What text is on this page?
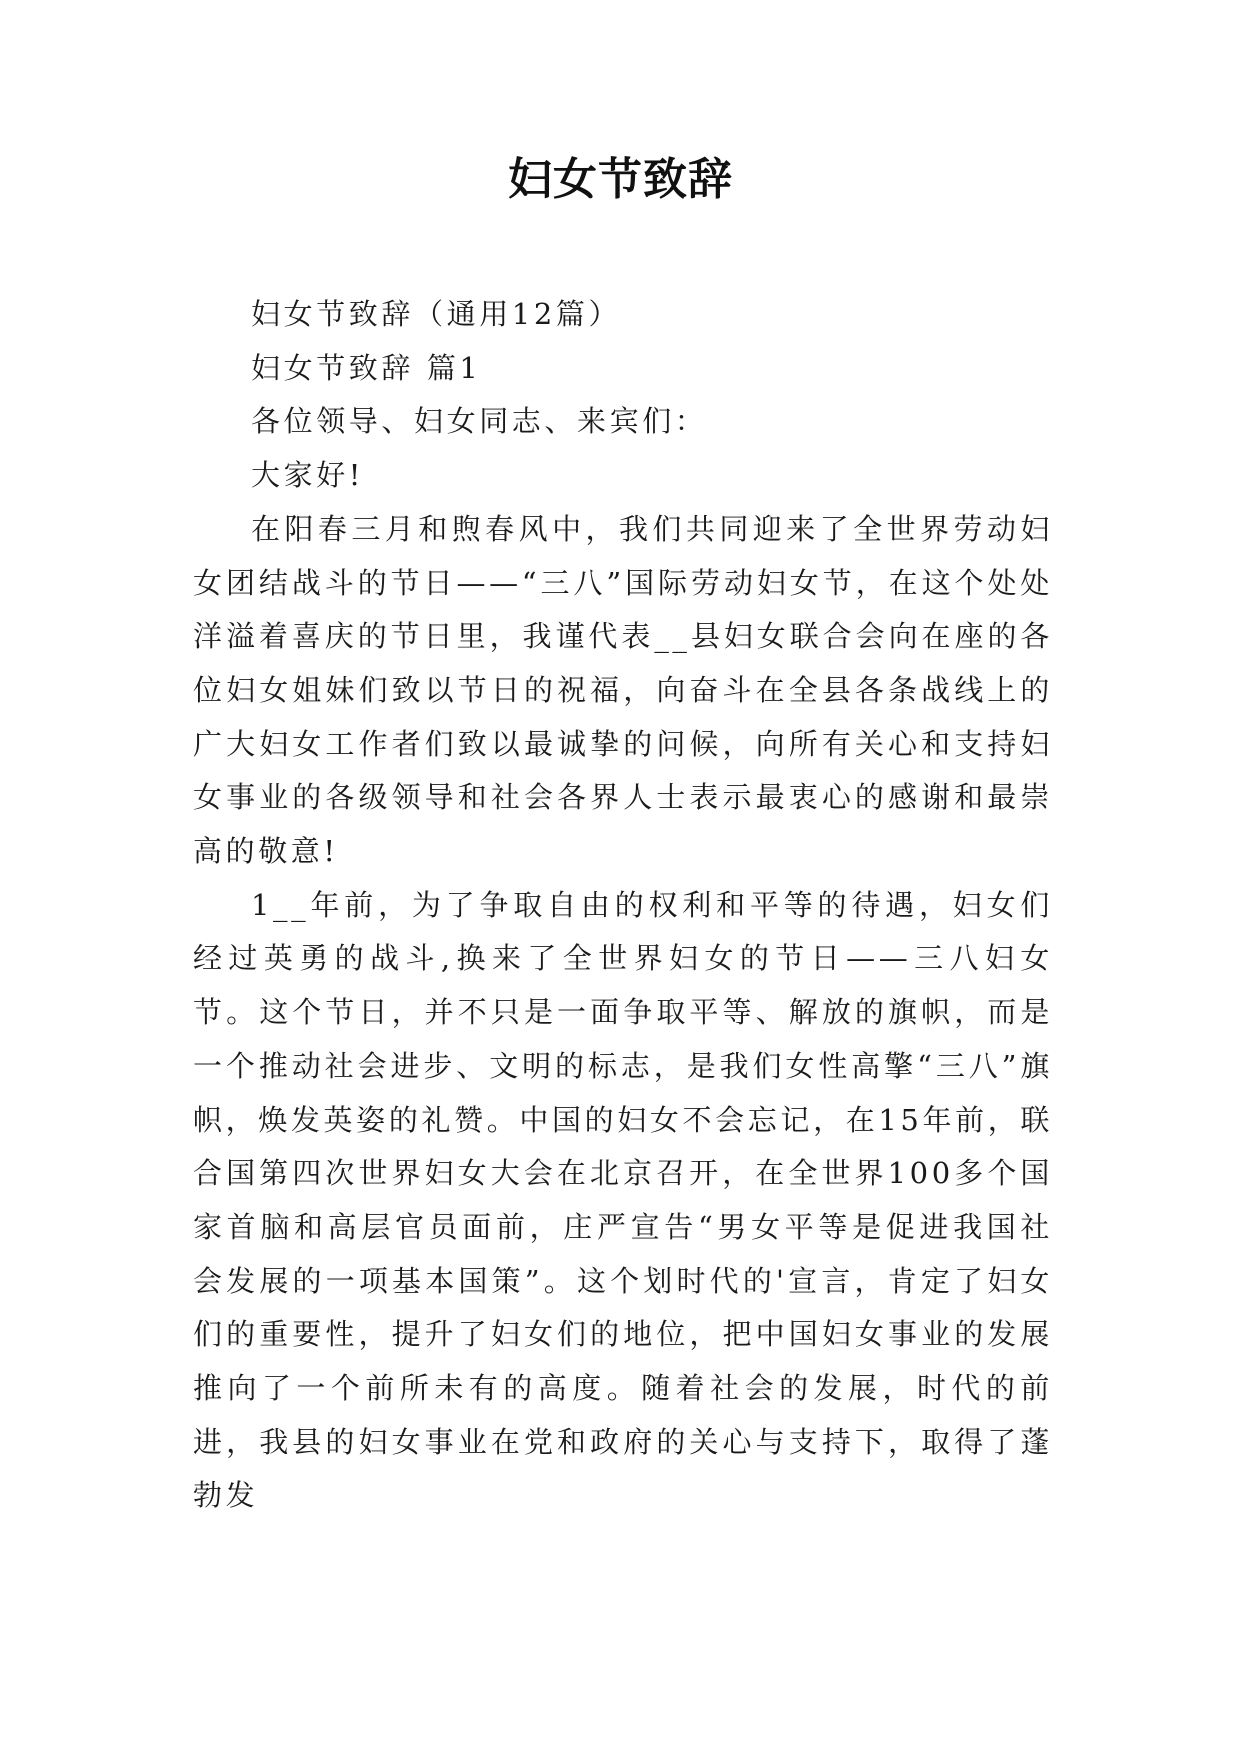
妇女节致辞

妇女节致辞（通用12篇）

妇女节致辞 篇1

各位领导、妇女同志、来宾们：

大家好!

在阳春三月和煦春风中，我们共同迎来了全世界劳动妇女团结战斗的节日——“三八”国际劳动妇女节，在这个处处洋溢着喜庆的节日里，我谨代表__县妇女联合会向在座的各位妇女姐妹们致以节日的祝福，向奋斗在全县各条战线上的广大妇女工作者们致以最诚挚的问候，向所有关心和支持妇女事业的各级领导和社会各界人士表示最衷心的感谢和最崇高的敬意!

1__年前，为了争取自由的权利和平等的待遇，妇女们经过英勇的战斗,换来了全世界妇女的节日——三八妇女节。这个节日，并不只是一面争取平等、解放的旗帜，而是一个推动社会进步、文明的标志，是我们女性高擎“三八”旗帜，焕发英姿的礼赞。中国的妇女不会忘记，在15年前，联合国第四次世界妇女大会在北京召开，在全世界100多个国家首脑和高层官员面前，庄严宣告“男女平等是促进我国社会发展的一项基本国策”。这个划时代的'宣言，肯定了妇女们的重要性，提升了妇女们的地位，把中国妇女事业的发展推向了一个前所未有的高度。随着社会的发展，时代的前进，我县的妇女事业在党和政府的关心与支持下，取得了蓬勃发
